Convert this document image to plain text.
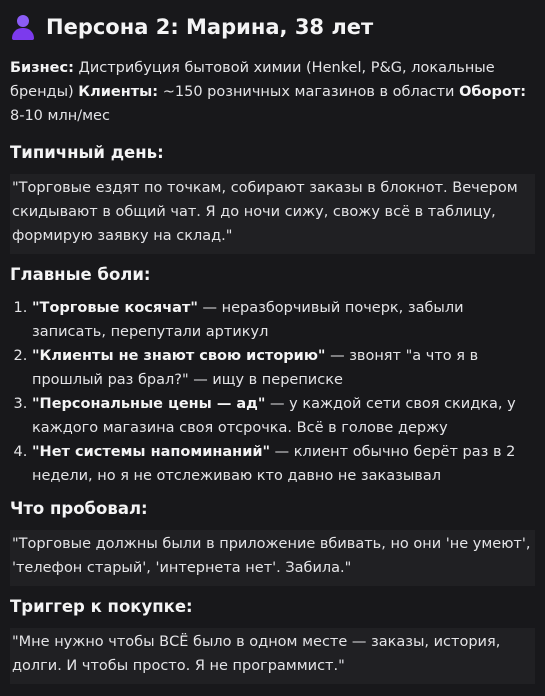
Персона 2: Марина, 38 лет

Бизнес: Дистрибуция бытовой химии (Henkel, P&G, локальные бренды) Клиенты: ~150 розничных магазинов в области Оборот: 8-10 млн/мес

Типичный день:
"Торговые ездят по точкам, собирают заказы в блокнот. Вечером скидывают в общий чат. Я до ночи сижу, свожу всё в таблицу, формирую заявку на склад."
Главные боли:
1. "Торговые косячат" — неразборчивый почерк, забыли записать, перепутали артикул
2. "Клиенты не знают свою историю" — звонят "а что я в прошлый раз брал?" — ищу в переписке
3. "Персональные цены — ад" — у каждой сети своя скидка, у каждого магазина своя отсрочка. Всё в голове держу
4. "Нет системы напоминаний" — клиент обычно берёт раз в 2 недели, но я не отслеживаю кто давно не заказывал
Что пробовал:
"Торговые должны были в приложение вбивать, но они 'не умеют', 'телефон старый', 'интернета нет'. Забила."
Триггер к покупке:
"Мне нужно чтобы ВСЁ было в одном месте — заказы, история, долги. И чтобы просто. Я не программист."
